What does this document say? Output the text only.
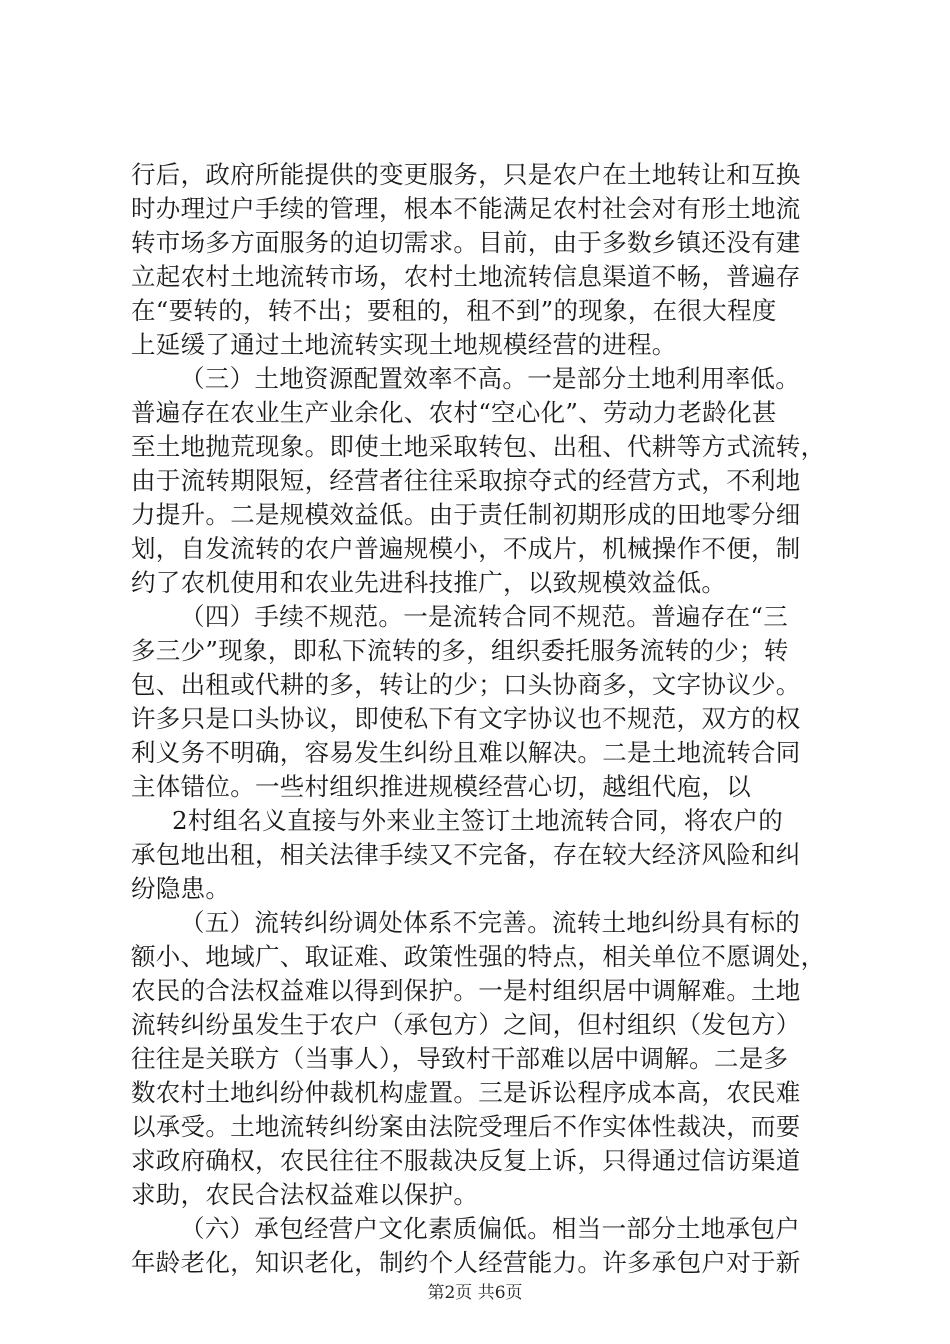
行后，政府所能提供的变更服务，只是农户在土地转让和互换
时办理过户手续的管理，根本不能满足农村社会对有形土地流
转市场多方面服务的迫切需求。目前，由于多数乡镇还没有建
立起农村土地流转市场，农村土地流转信息渠道不畅，普遍存
在“要转的，转不出；要租的，租不到”的现象，在很大程度
上延缓了通过土地流转实现土地规模经营的进程。
（三）土地资源配置效率不高。一是部分土地利用率低。
普遍存在农业生产业余化、农村“空心化”、劳动力老龄化甚
至土地抛荒现象。即使土地采取转包、出租、代耕等方式流转，
由于流转期限短，经营者往往采取掠夺式的经营方式，不利地
力提升。二是规模效益低。由于责任制初期形成的田地零分细
划，自发流转的农户普遍规模小，不成片，机械操作不便，制
约了农机使用和农业先进科技推广，以致规模效益低。
（四）手续不规范。一是流转合同不规范。普遍存在“三
多三少”现象，即私下流转的多，组织委托服务流转的少；转
包、出租或代耕的多，转让的少；口头协商多，文字协议少。
许多只是口头协议，即使私下有文字协议也不规范，双方的权
利义务不明确，容易发生纠纷且难以解决。二是土地流转合同
主体错位。一些村组织推进规模经营心切，越组代庖，以
2村组名义直接与外来业主签订土地流转合同，将农户的
承包地出租，相关法律手续又不完备，存在较大经济风险和纠
纷隐患。
（五）流转纠纷调处体系不完善。流转土地纠纷具有标的
额小、地域广、取证难、政策性强的特点，相关单位不愿调处，
农民的合法权益难以得到保护。一是村组织居中调解难。土地
流转纠纷虽发生于农户（承包方）之间，但村组织（发包方）
往往是关联方（当事人），导致村干部难以居中调解。二是多
数农村土地纠纷仲裁机构虚置。三是诉讼程序成本高，农民难
以承受。土地流转纠纷案由法院受理后不作实体性裁决，而要
求政府确权，农民往往不服裁决反复上诉，只得通过信访渠道
求助，农民合法权益难以保护。
（六）承包经营户文化素质偏低。相当一部分土地承包户
年龄老化，知识老化，制约个人经营能力。许多承包户对于新
第2页 共6页
